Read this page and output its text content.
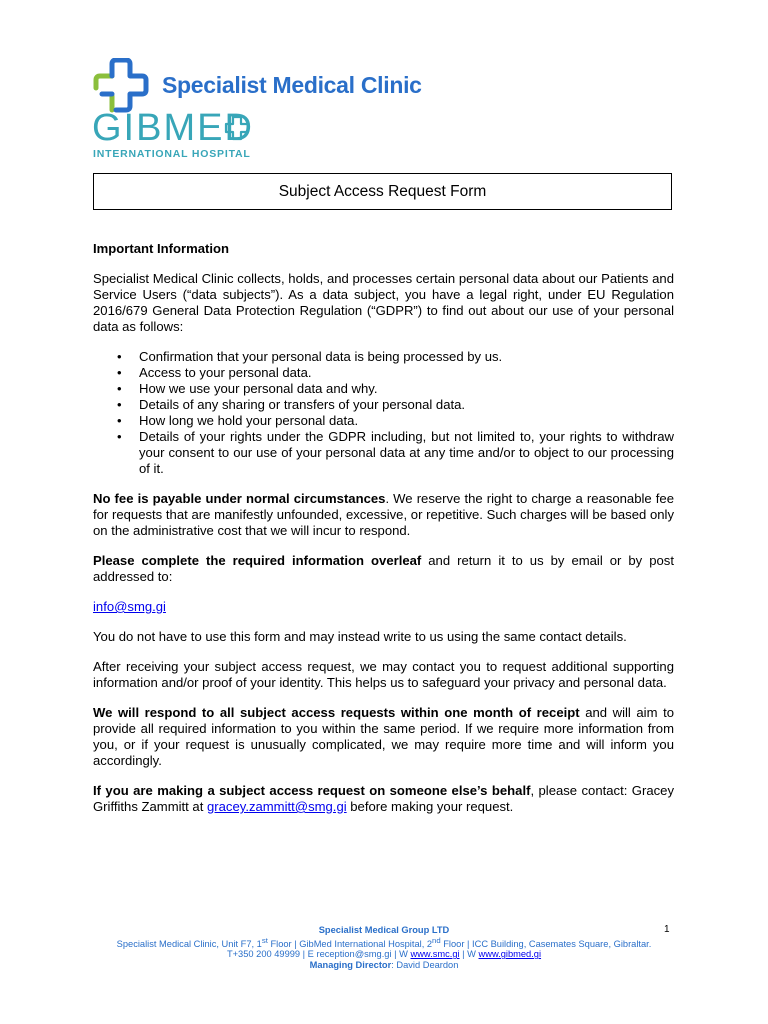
Specialist Medical Clinic
GIBMED
INTERNATIONAL HOSPITAL
Subject Access Request Form

Important Information

Specialist Medical Clinic collects, holds, and processes certain personal data about our Patients and Service Users (“data subjects”). As a data subject, you have a legal right, under EU Regulation 2016/679 General Data Protection Regulation (“GDPR”) to find out about our use of your personal data as follows:

• Confirmation that your personal data is being processed by us.
• Access to your personal data.
• How we use your personal data and why.
• Details of any sharing or transfers of your personal data.
• How long we hold your personal data.
• Details of your rights under the GDPR including, but not limited to, your rights to withdraw your consent to our use of your personal data at any time and/or to object to our processing of it.

No fee is payable under normal circumstances. We reserve the right to charge a reasonable fee for requests that are manifestly unfounded, excessive, or repetitive. Such charges will be based only on the administrative cost that we will incur to respond.

Please complete the required information overleaf and return it to us by email or by post addressed to:

info@smg.gi

You do not have to use this form and may instead write to us using the same contact details.

After receiving your subject access request, we may contact you to request additional supporting information and/or proof of your identity. This helps us to safeguard your privacy and personal data.

We will respond to all subject access requests within one month of receipt and will aim to provide all required information to you within the same period. If we require more information from you, or if your request is unusually complicated, we may require more time and will inform you accordingly.

If you are making a subject access request on someone else’s behalf, please contact: Gracey Griffiths Zammitt at gracey.zammitt@smg.gi before making your request.

1
Specialist Medical Group LTD
Specialist Medical Clinic, Unit F7, 1st Floor | GibMed International Hospital, 2nd Floor | ICC Building, Casemates Square, Gibraltar.
T+350 200 49999 | E reception@smg.gi | W www.smc.gi | W www.gibmed.gi
Managing Director: David Deardon
